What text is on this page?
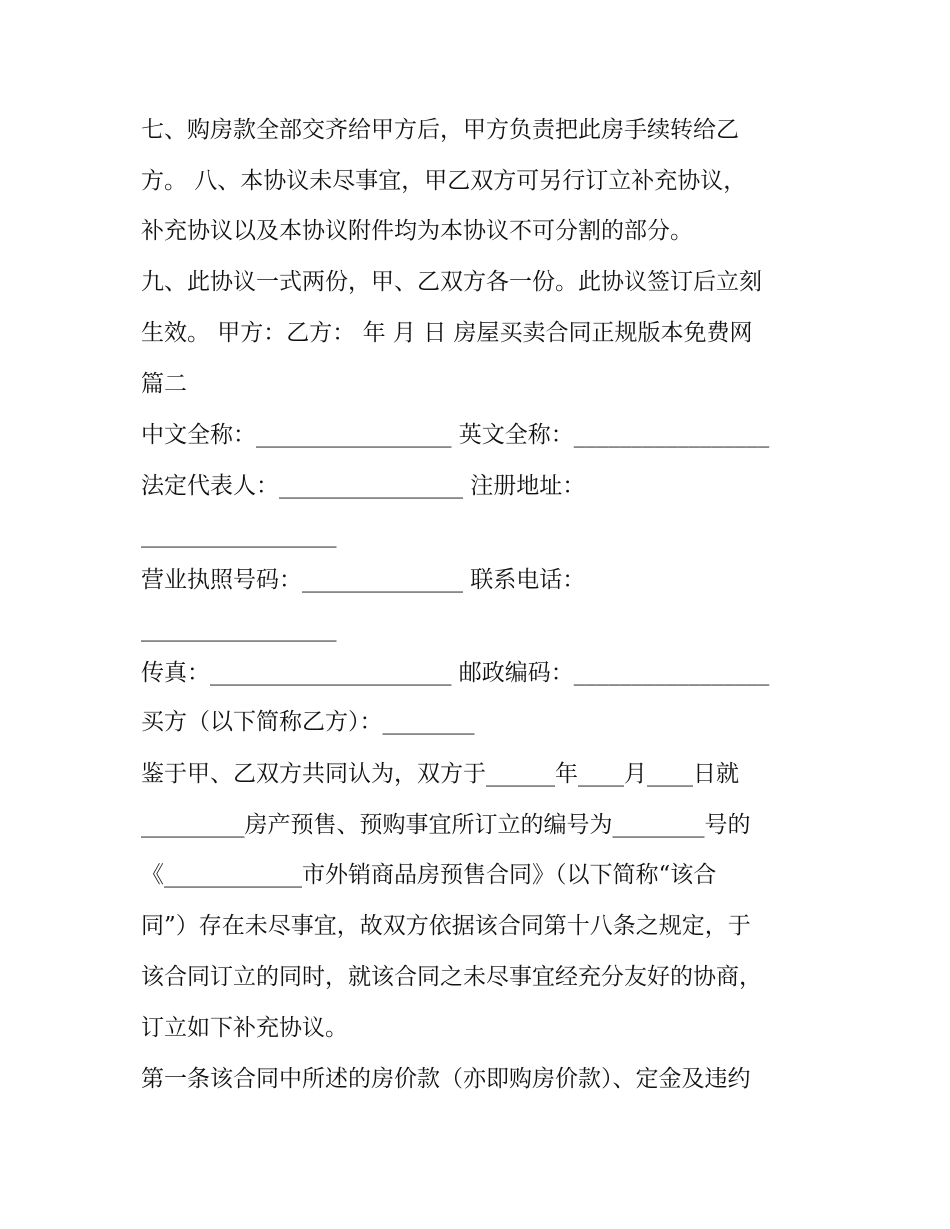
七、购房款全部交齐给甲方后，甲方负责把此房手续转给乙
方。 八、本协议未尽事宜，甲乙双方可另行订立补充协议，
补充协议以及本协议附件均为本协议不可分割的部分。
九、此协议一式两份，甲、乙双方各一份。此协议签订后立刻
生效。 甲方：乙方： 年 月 日 房屋买卖合同正规版本免费网
篇二
中文全称：_________________ 英文全称：_________________
法定代表人：________________ 注册地址：
_________________
营业执照号码：______________ 联系电话：
_________________
传真：_____________________ 邮政编码：_________________
买方（以下简称乙方）：________
鉴于甲、乙双方共同认为，双方于______年____月____日就
_________房产预售、预购事宜所订立的编号为________号的
《____________市外销商品房预售合同》（以下简称“该合
同”）存在未尽事宜，故双方依据该合同第十八条之规定，于
该合同订立的同时，就该合同之未尽事宜经充分友好的协商，
订立如下补充协议。
第一条该合同中所述的房价款（亦即购房价款）、定金及违约
